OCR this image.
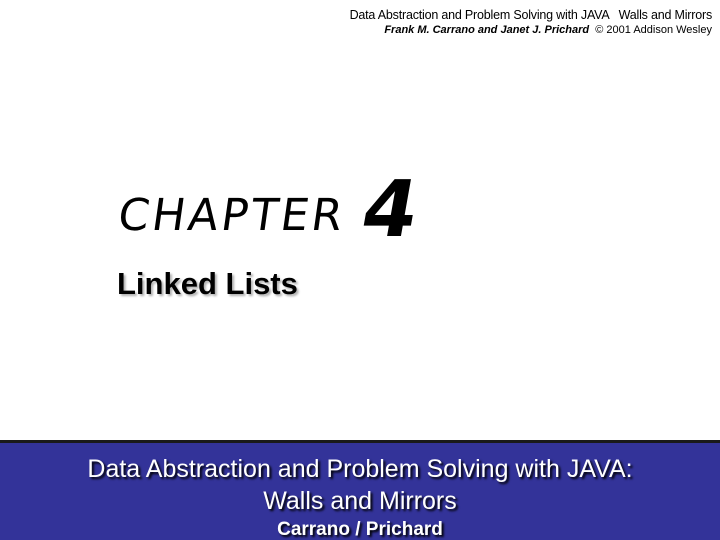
Data Abstraction and Problem Solving with JAVA   Walls and Mirrors
Frank M. Carrano and Janet J. Prichard  © 2001 Addison Wesley
CHAPTER 4
Linked Lists
Data Abstraction and Problem Solving with JAVA:
Walls and Mirrors
Carrano / Prichard
